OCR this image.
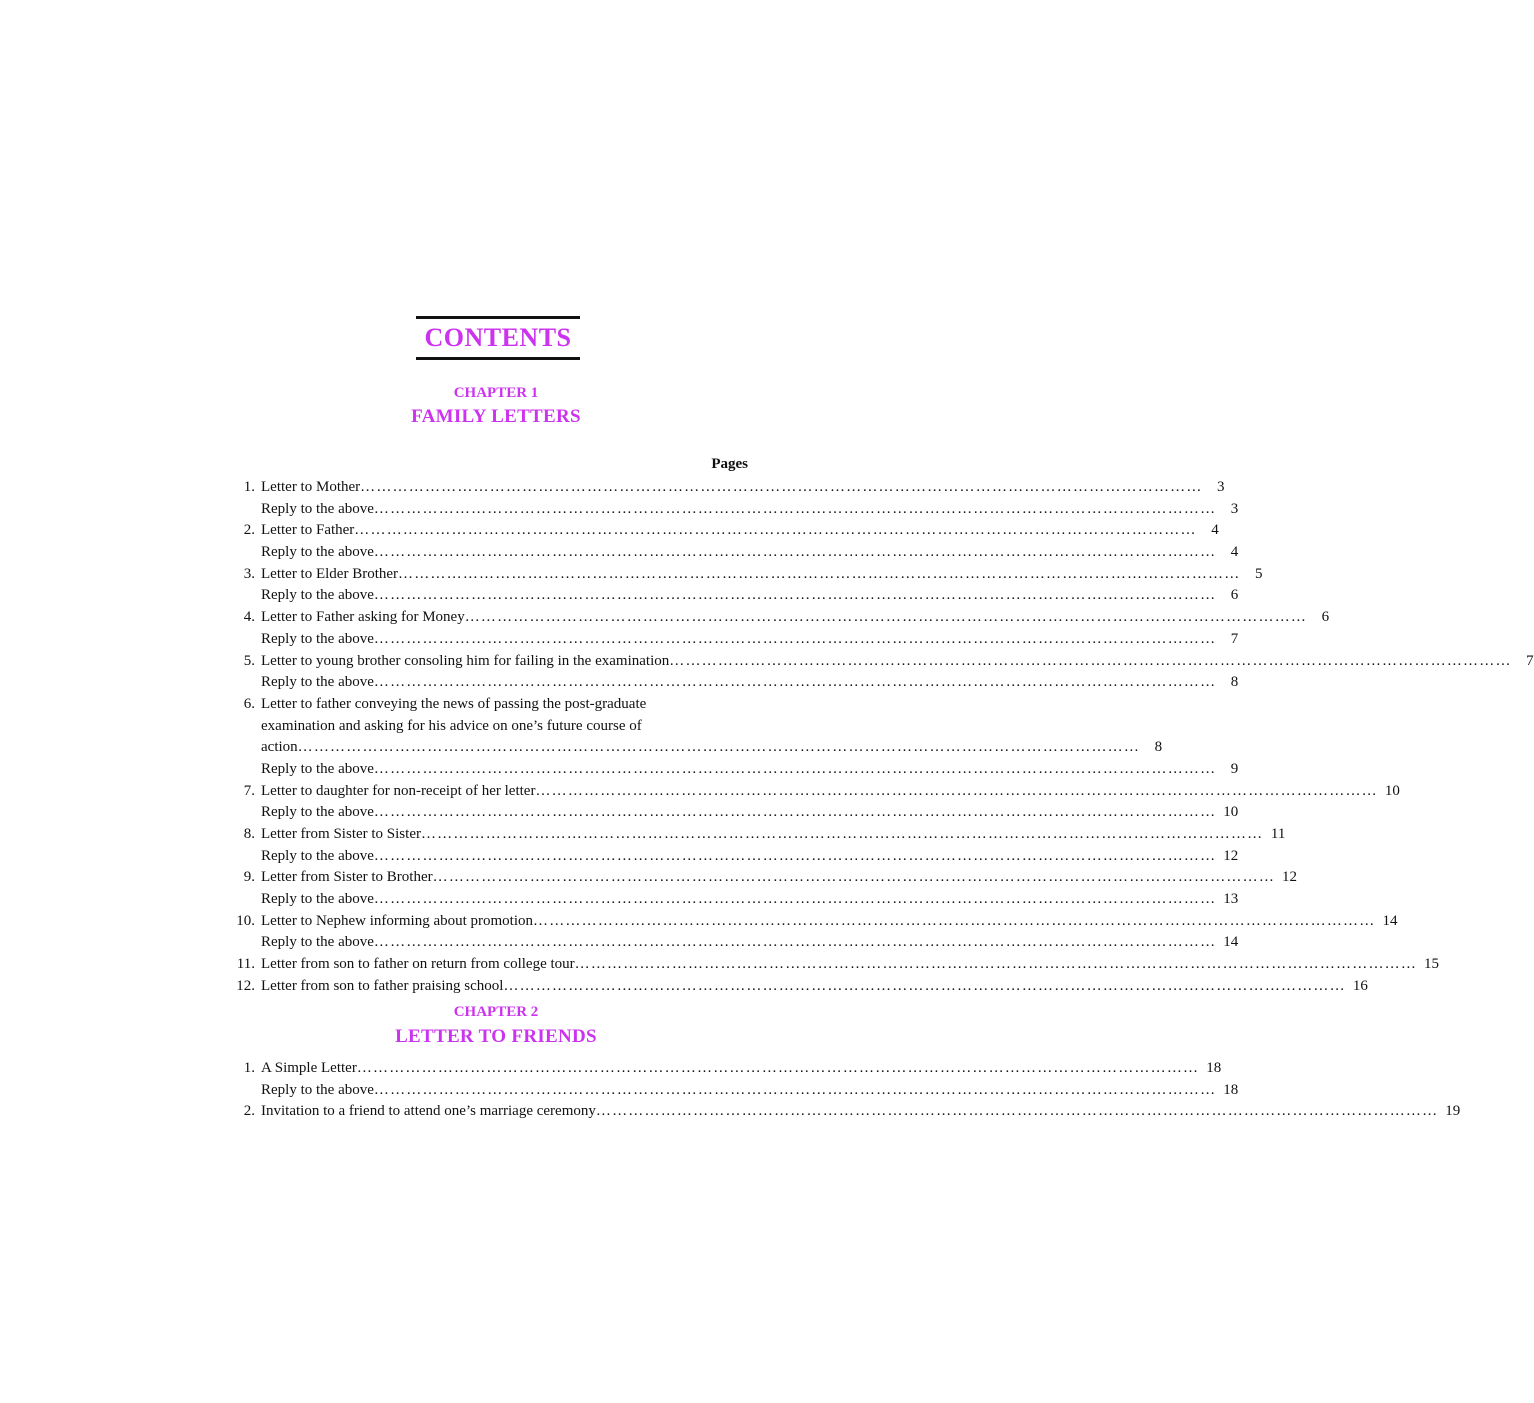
CONTENTS
CHAPTER 1
FAMILY LETTERS
Pages
1. Letter to Mother …………………………………………………………………………………………………………………………………………	3
Reply to the above …………………………………………………………………………………………………………………………………………	3
2. Letter to Father …………………………………………………………………………………………………………………………………………	4
Reply to the above …………………………………………………………………………………………………………………………………………	4
3. Letter to Elder Brother …………………………………………………………………………………………………………………………………………	5
Reply to the above …………………………………………………………………………………………………………………………………………	6
4. Letter to Father asking for Money …………………………………………………………………………………………………………………………………………	6
Reply to the above …………………………………………………………………………………………………………………………………………	7
5. Letter to young brother consoling him for failing in the examination …………………………………………………………………………………………………………………………………………	7
Reply to the above …………………………………………………………………………………………………………………………………………	8
6. Letter to father conveying the news of passing the post-graduate
examination and asking for his advice on one’s future course of
action …………………………………………………………………………………………………………………………………………	8
Reply to the above …………………………………………………………………………………………………………………………………………	9
7. Letter to daughter for non-receipt of her letter …………………………………………………………………………………………………………………………………………	10
Reply to the above …………………………………………………………………………………………………………………………………………	10
8. Letter from Sister to Sister …………………………………………………………………………………………………………………………………………	11
Reply to the above …………………………………………………………………………………………………………………………………………	12
9. Letter from Sister to Brother …………………………………………………………………………………………………………………………………………	12
Reply to the above …………………………………………………………………………………………………………………………………………	13
10. Letter to Nephew informing about promotion …………………………………………………………………………………………………………………………………………	14
Reply to the above …………………………………………………………………………………………………………………………………………	14
11. Letter from son to father on return from college tour …………………………………………………………………………………………………………………………………………	15
12. Letter from son to father praising school …………………………………………………………………………………………………………………………………………	16
CHAPTER 2
LETTER TO FRIENDS
1. A Simple Letter …………………………………………………………………………………………………………………………………………	18
Reply to the above …………………………………………………………………………………………………………………………………………	18
2. Invitation to a friend to attend one’s marriage ceremony …………………………………………………………………………………………………………………………………………	19
